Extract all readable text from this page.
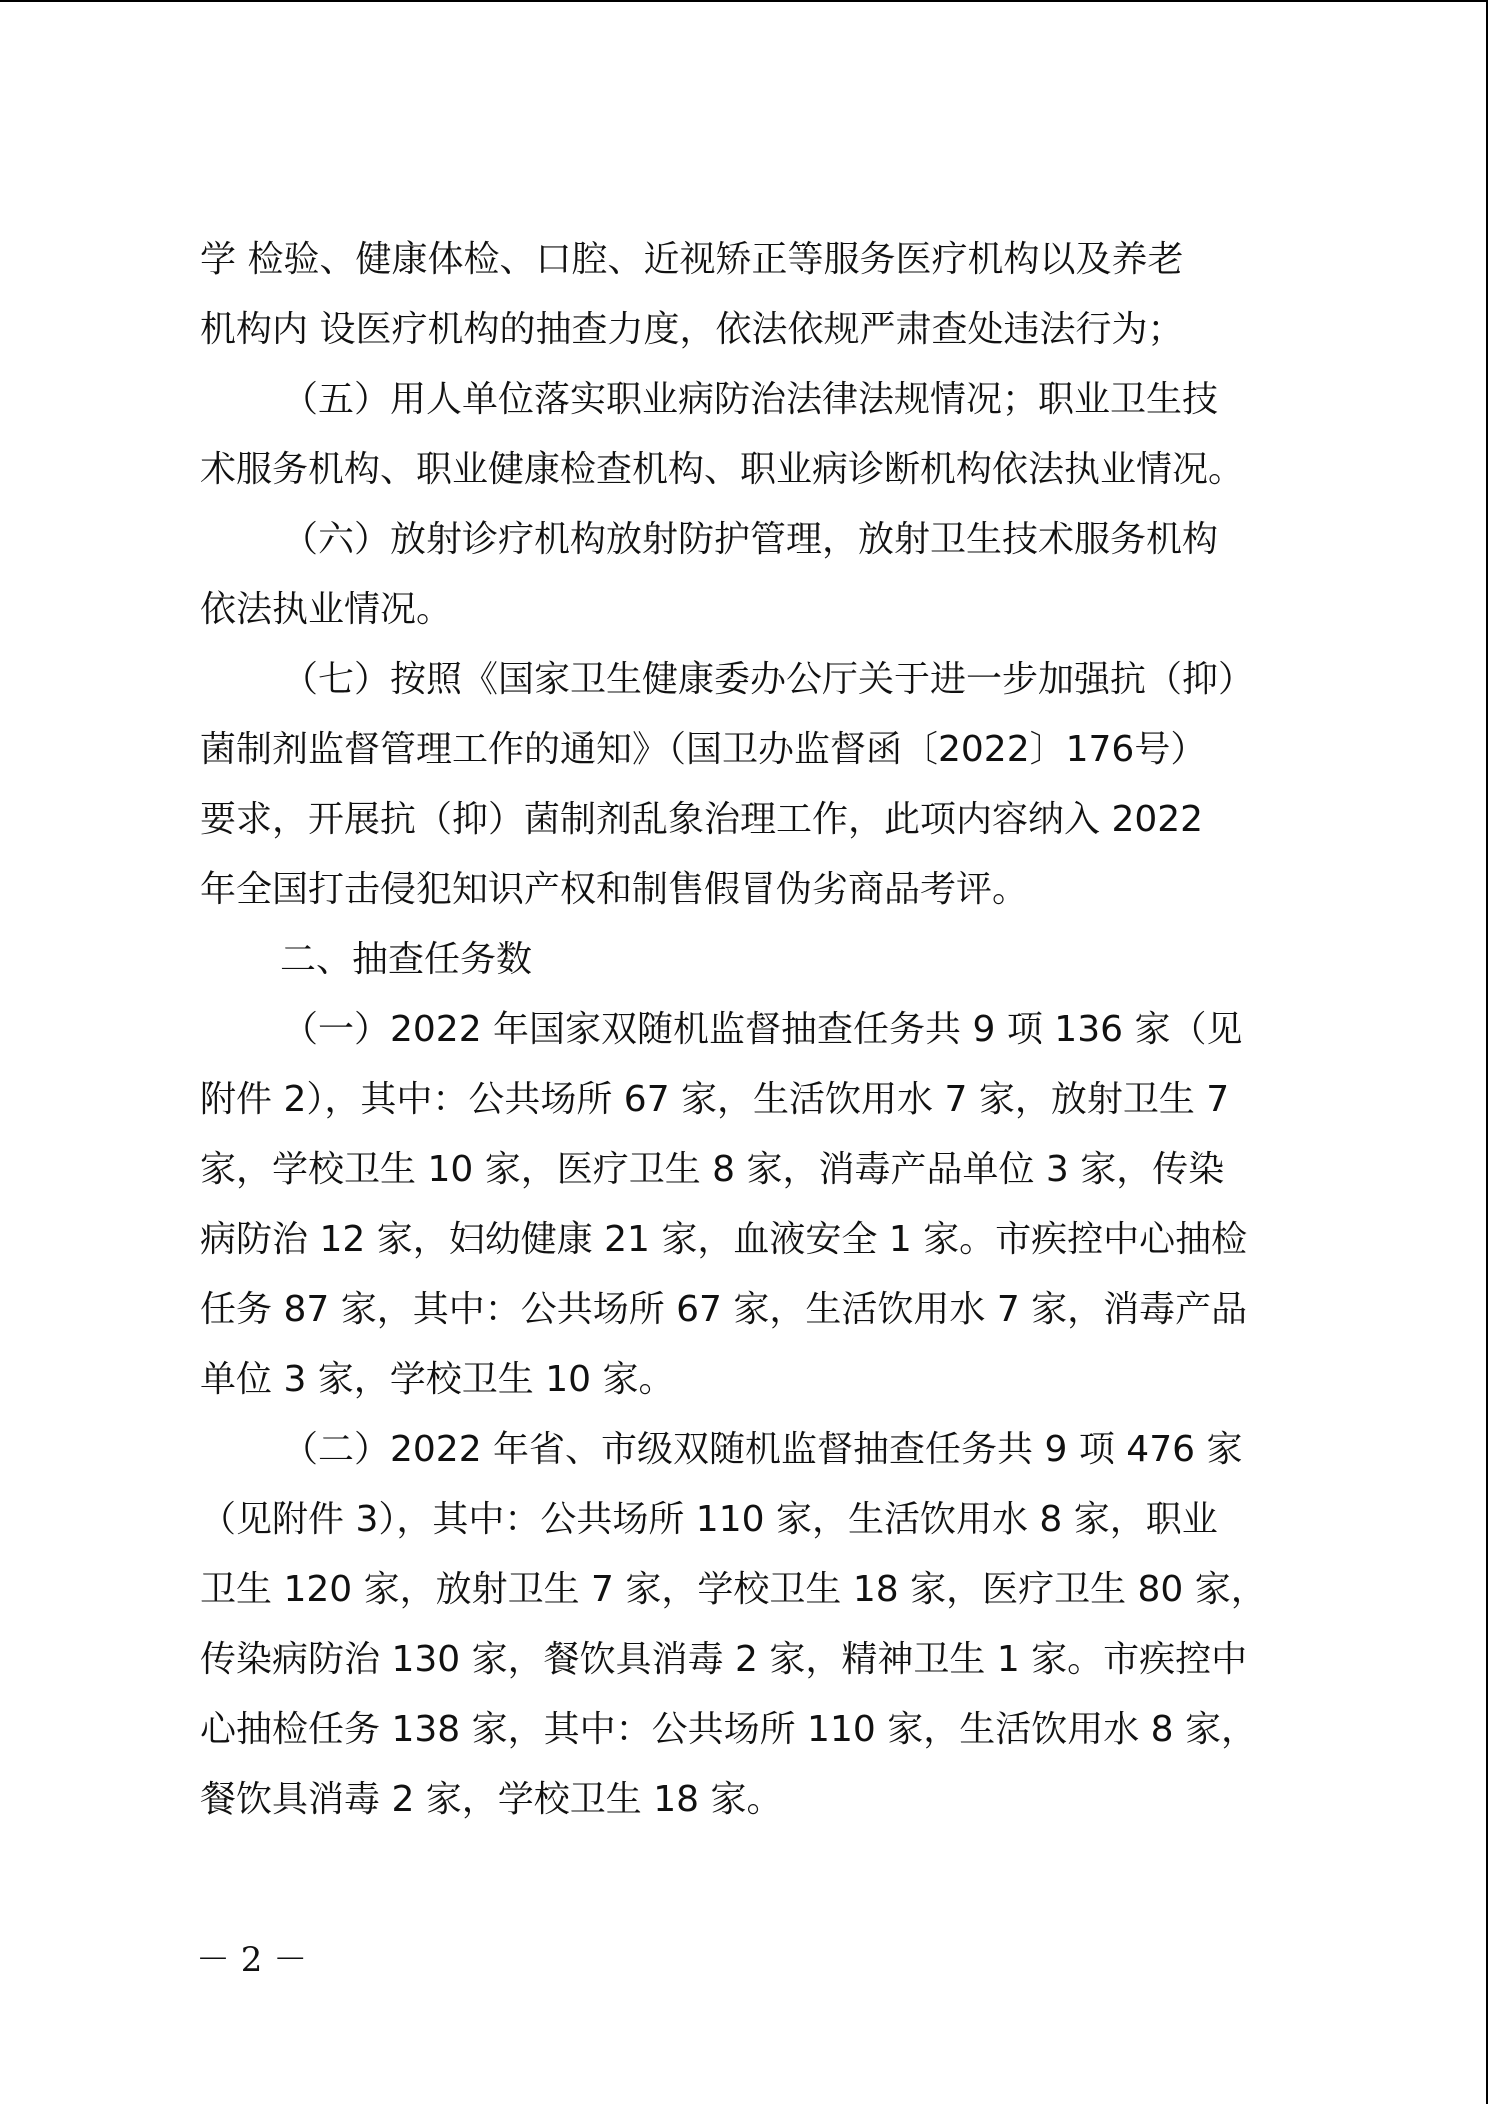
学 检验、健康体检、口腔、近视矫正等服务医疗机构以及养老
机构内 设医疗机构的抽查力度，依法依规严肃查处违法行为；
（五）用人单位落实职业病防治法律法规情况；职业卫生技
术服务机构、职业健康检查机构、职业病诊断机构依法执业情况。
（六）放射诊疗机构放射防护管理，放射卫生技术服务机构
依法执业情况。
（七）按照《国家卫生健康委办公厅关于进一步加强抗（抑）
菌制剂监督管理工作的通知》（国卫办监督函〔2022〕176号）
要求，开展抗（抑）菌制剂乱象治理工作，此项内容纳入 2022
年全国打击侵犯知识产权和制售假冒伪劣商品考评。
二、抽查任务数
（一）2022 年国家双随机监督抽查任务共 9 项 136 家（见
附件 2），其中：公共场所 67 家，生活饮用水 7 家，放射卫生 7
家，学校卫生 10 家，医疗卫生 8 家，消毒产品单位 3 家，传染
病防治 12 家，妇幼健康 21 家，血液安全 1 家。市疾控中心抽检
任务 87 家，其中：公共场所 67 家，生活饮用水 7 家，消毒产品
单位 3 家，学校卫生 10 家。
（二）2022 年省、市级双随机监督抽查任务共 9 项 476 家
（见附件 3），其中：公共场所 110 家，生活饮用水 8 家，职业
卫生 120 家，放射卫生 7 家，学校卫生 18 家，医疗卫生 80 家，
传染病防治 130 家，餐饮具消毒 2 家，精神卫生 1 家。市疾控中
心抽检任务 138 家，其中：公共场所 110 家，生活饮用水 8 家，
餐饮具消毒 2 家，学校卫生 18 家。
－ 2 －
